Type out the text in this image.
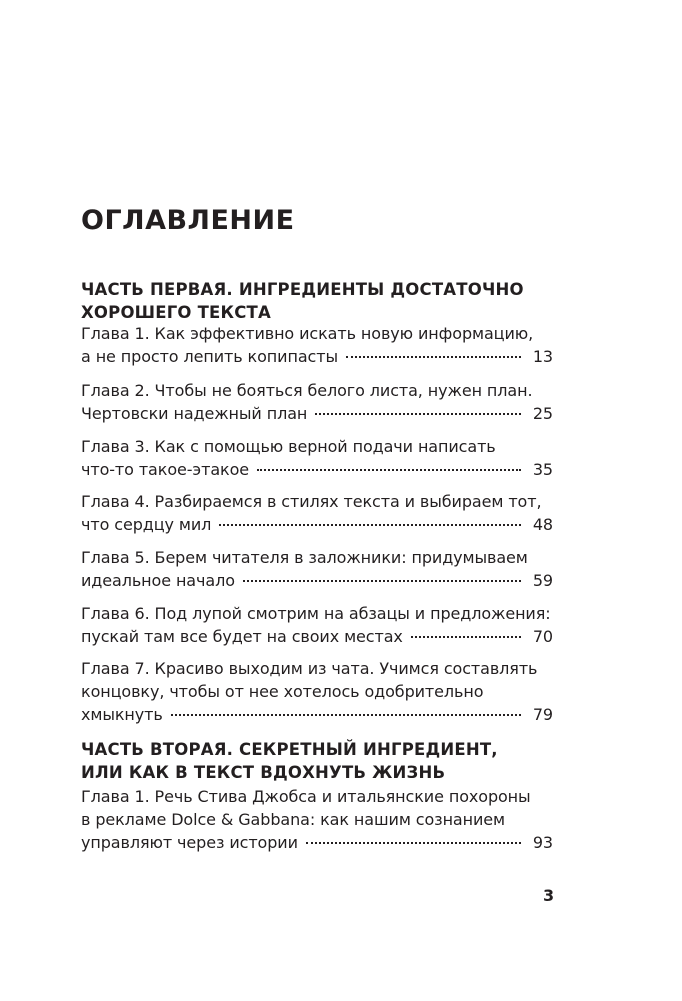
ОГЛАВЛЕНИЕ
ЧАСТЬ ПЕРВАЯ. ИНГРЕДИЕНТЫ ДОСТАТОЧНО
ХОРОШЕГО ТЕКСТА
Глава 1. Как эффективно искать новую информацию,
а не просто лепить копипасты	13
Глава 2. Чтобы не бояться белого листа, нужен план.
Чертовски надежный план	25
Глава 3. Как с помощью верной подачи написать
что-то такое-этакое	35
Глава 4. Разбираемся в стилях текста и выбираем тот,
что сердцу мил	48
Глава 5. Берем читателя в заложники: придумываем
идеальное начало	59
Глава 6. Под лупой смотрим на абзацы и предложения:
пускай там все будет на своих местах	70
Глава 7. Красиво выходим из чата. Учимся составлять
концовку, чтобы от нее хотелось одобрительно
хмыкнуть	79
ЧАСТЬ ВТОРАЯ. СЕКРЕТНЫЙ ИНГРЕДИЕНТ,
ИЛИ КАК В ТЕКСТ ВДОХНУТЬ ЖИЗНЬ
Глава 1. Речь Стива Джобса и итальянские похороны
в рекламе Dolce & Gabbana: как нашим сознанием
управляют через истории	93
3
